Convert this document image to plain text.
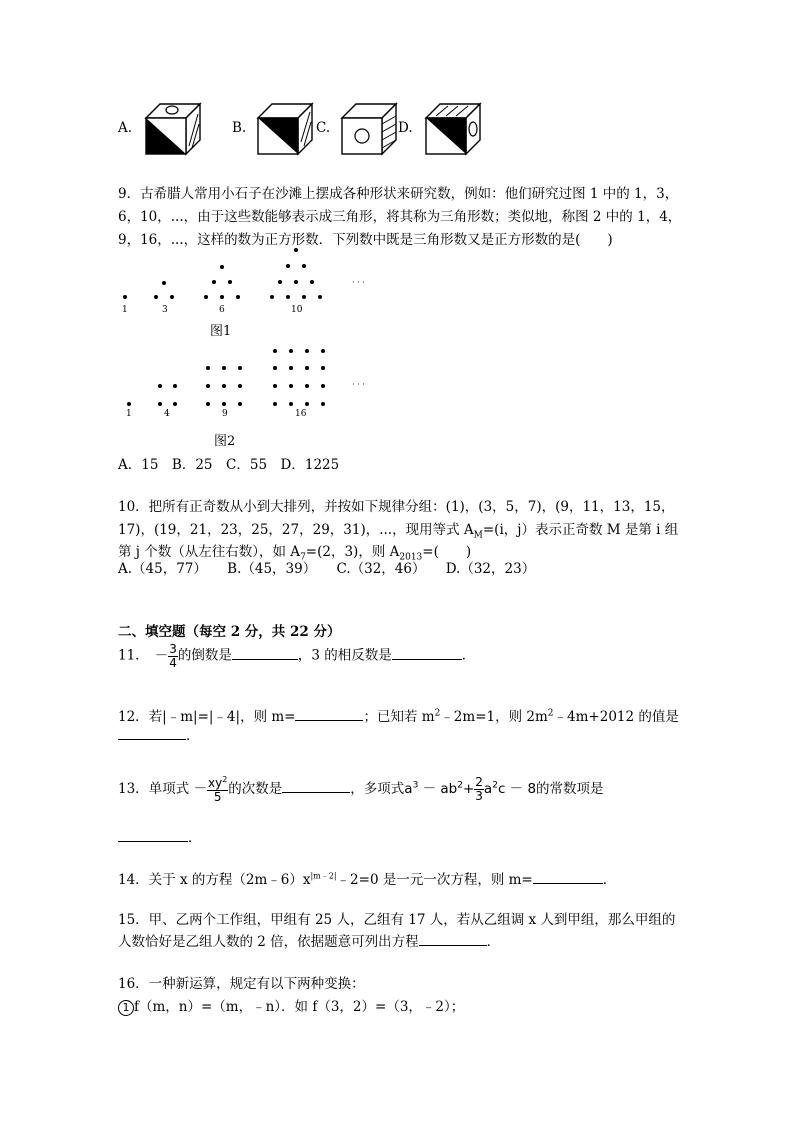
A.	B.	C.	D.
9．古希腊人常用小石子在沙滩上摆成各种形状来研究数，例如：他们研究过图 1 中的 1，3，
6，10，...，由于这些数能够表示成三角形，将其称为三角形数；类似地，称图 2 中的 1，4，
9，16，...，这样的数为正方形数．下列数中既是三角形数又是正方形数的是(　　)
1	3	6	10
· · ·
图1
1	4	9	16
· · ·
图2
A．15　B．25　C．55　D．1225
10．把所有正奇数从小到大排列，并按如下规律分组：(1)，(3，5，7)，(9，11，13，15，
17)，(19，21，23，25，27，29，31)，...，现用等式 $A_M=(i$，j）表示正奇数 M 是第 i 组
第 j 个数（从左往右数），如 $A_7=(2$，3)，则 $A_{2013}=$(　　)
A.（45，77）　　B.（45，39）　　C.（32，46）　　D.（32，23）
二、填空题（每空 2 分，共 22 分）
11． － $\frac{3}{4}$ 的倒数是	，3 的相反数是	．
12．若|﹣m|=|﹣4|，则 m=	；已知若 $m^2﹣2m=1$，则 $2m^2﹣4m+2012$ 的值是
．
13．单项式 － $\frac{xy^2}{5}$ 的次数是	，多项式$a^3 - ab^2+ \frac{2}{3} a^2c - 8$的常数项是
．
14．关于 x 的方程$(2m﹣6)x^{|m﹣2|}﹣2=0$ 是一元一次方程，则 m=	．
15．甲、乙两个工作组，甲组有 25 人，乙组有 17 人，若从乙组调 x 人到甲组，那么甲组的
人数恰好是乙组人数的 2 倍，依据题意可列出方程	．
16．一种新运算，规定有以下两种变换：
1 f（m，n）=（m，﹣n）．如 f（3，2）=（3，﹣2）；
